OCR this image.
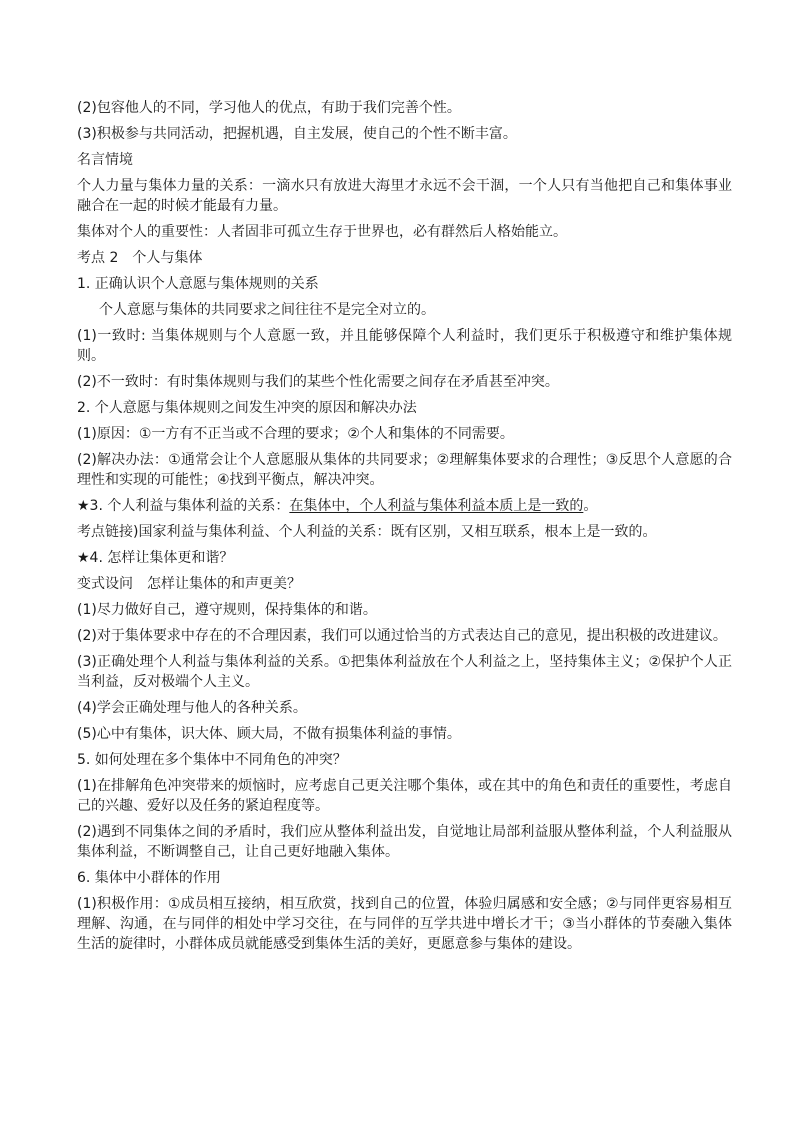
(2)包容他人的不同，学习他人的优点，有助于我们完善个性。

(3)积极参与共同活动，把握机遇，自主发展，使自己的个性不断丰富。

名言情境

个人力量与集体力量的关系：一滴水只有放进大海里才永远不会干涸，一个人只有当他把自己和集体事业融合在一起的时候才能最有力量。

集体对个人的重要性：人者固非可孤立生存于世界也，必有群然后人格始能立。

考点 2　个人与集体

1. 正确认识个人意愿与集体规则的关系

个人意愿与集体的共同要求之间往往不是完全对立的。

(1)一致时: 当集体规则与个人意愿一致，并且能够保障个人利益时，我们更乐于积极遵守和维护集体规则。

(2)不一致时：有时集体规则与我们的某些个性化需要之间存在矛盾甚至冲突。

2. 个人意愿与集体规则之间发生冲突的原因和解决办法

(1)原因：①一方有不正当或不合理的要求；②个人和集体的不同需要。

(2)解决办法：①通常会让个人意愿服从集体的共同要求；②理解集体要求的合理性；③反思个人意愿的合理性和实现的可能性；④找到平衡点，解决冲突。

★3. 个人利益与集体利益的关系：在集体中，个人利益与集体利益本质上是一致的。

考点链接)国家利益与集体利益、个人利益的关系：既有区别，又相互联系，根本上是一致的。

★4. 怎样让集体更和谐？

变式设问　怎样让集体的和声更美？

(1)尽力做好自己，遵守规则，保持集体的和谐。

(2)对于集体要求中存在的不合理因素，我们可以通过恰当的方式表达自己的意见，提出积极的改进建议。

(3)正确处理个人利益与集体利益的关系。①把集体利益放在个人利益之上，坚持集体主义；②保护个人正当利益，反对极端个人主义。

(4)学会正确处理与他人的各种关系。

(5)心中有集体，识大体、顾大局，不做有损集体利益的事情。

5. 如何处理在多个集体中不同角色的冲突？

(1)在排解角色冲突带来的烦恼时，应考虑自己更关注哪个集体，或在其中的角色和责任的重要性，考虑自己的兴趣、爱好以及任务的紧迫程度等。

(2)遇到不同集体之间的矛盾时，我们应从整体利益出发，自觉地让局部利益服从整体利益，个人利益服从集体利益，不断调整自己，让自己更好地融入集体。

6. 集体中小群体的作用

(1)积极作用：①成员相互接纳，相互欣赏，找到自己的位置，体验归属感和安全感；②与同伴更容易相互理解、沟通，在与同伴的相处中学习交往，在与同伴的互学共进中增长才干；③当小群体的节奏融入集体生活的旋律时，小群体成员就能感受到集体生活的美好，更愿意参与集体的建设。
